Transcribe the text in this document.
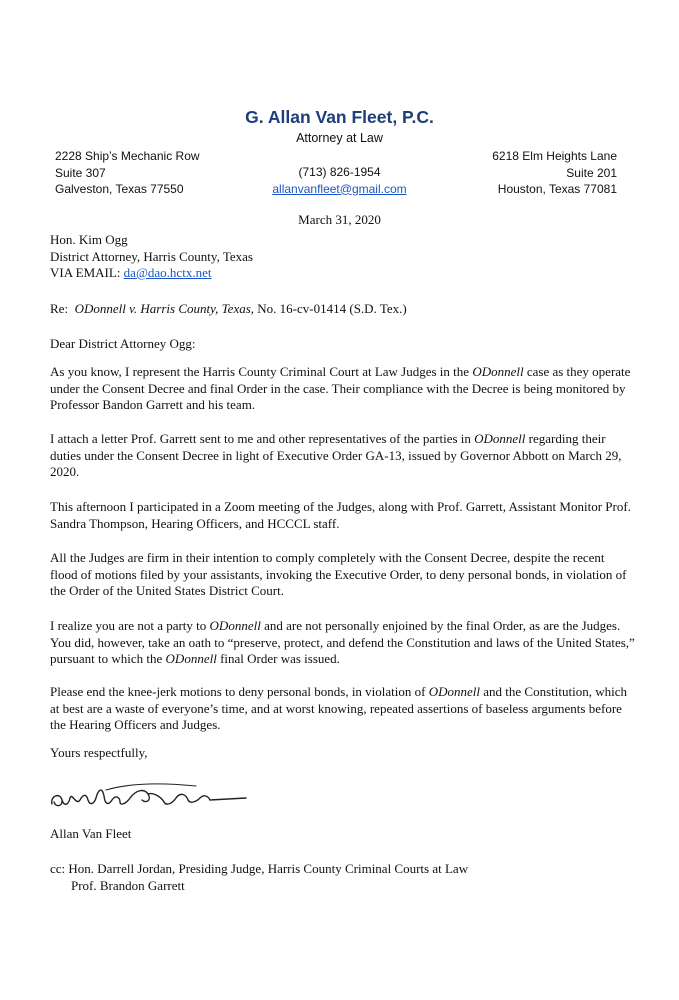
G. Allan Van Fleet, P.C.
Attorney at Law
2228 Ship’s Mechanic Row
Suite 307
Galveston, Texas 77550
(713) 826-1954
allanvanfleet@gmail.com
6218 Elm Heights Lane
Suite 201
Houston, Texas 77081
March 31, 2020
Hon. Kim Ogg
District Attorney, Harris County, Texas
VIA EMAIL: da@dao.hctx.net
Re:  ODonnell v. Harris County, Texas, No. 16-cv-01414 (S.D. Tex.)
Dear District Attorney Ogg:
As you know, I represent the Harris County Criminal Court at Law Judges in the ODonnell case as they operate under the Consent Decree and final Order in the case. Their compliance with the Decree is being monitored by Professor Bandon Garrett and his team.
I attach a letter Prof. Garrett sent to me and other representatives of the parties in ODonnell regarding their duties under the Consent Decree in light of Executive Order GA-13, issued by Governor Abbott on March 29, 2020.
This afternoon I participated in a Zoom meeting of the Judges, along with Prof. Garrett, Assistant Monitor Prof. Sandra Thompson, Hearing Officers, and HCCCL staff.
All the Judges are firm in their intention to comply completely with the Consent Decree, despite the recent flood of motions filed by your assistants, invoking the Executive Order, to deny personal bonds, in violation of the Order of the United States District Court.
I realize you are not a party to ODonnell and are not personally enjoined by the final Order, as are the Judges. You did, however, take an oath to “preserve, protect, and defend the Constitution and laws of the United States,” pursuant to which the ODonnell final Order was issued.
Please end the knee-jerk motions to deny personal bonds, in violation of ODonnell and the Constitution, which at best are a waste of everyone’s time, and at worst knowing, repeated assertions of baseless arguments before the Hearing Officers and Judges.
Yours respectfully,
Allan Van Fleet
cc: Hon. Darrell Jordan, Presiding Judge, Harris County Criminal Courts at Law
Prof. Brandon Garrett
